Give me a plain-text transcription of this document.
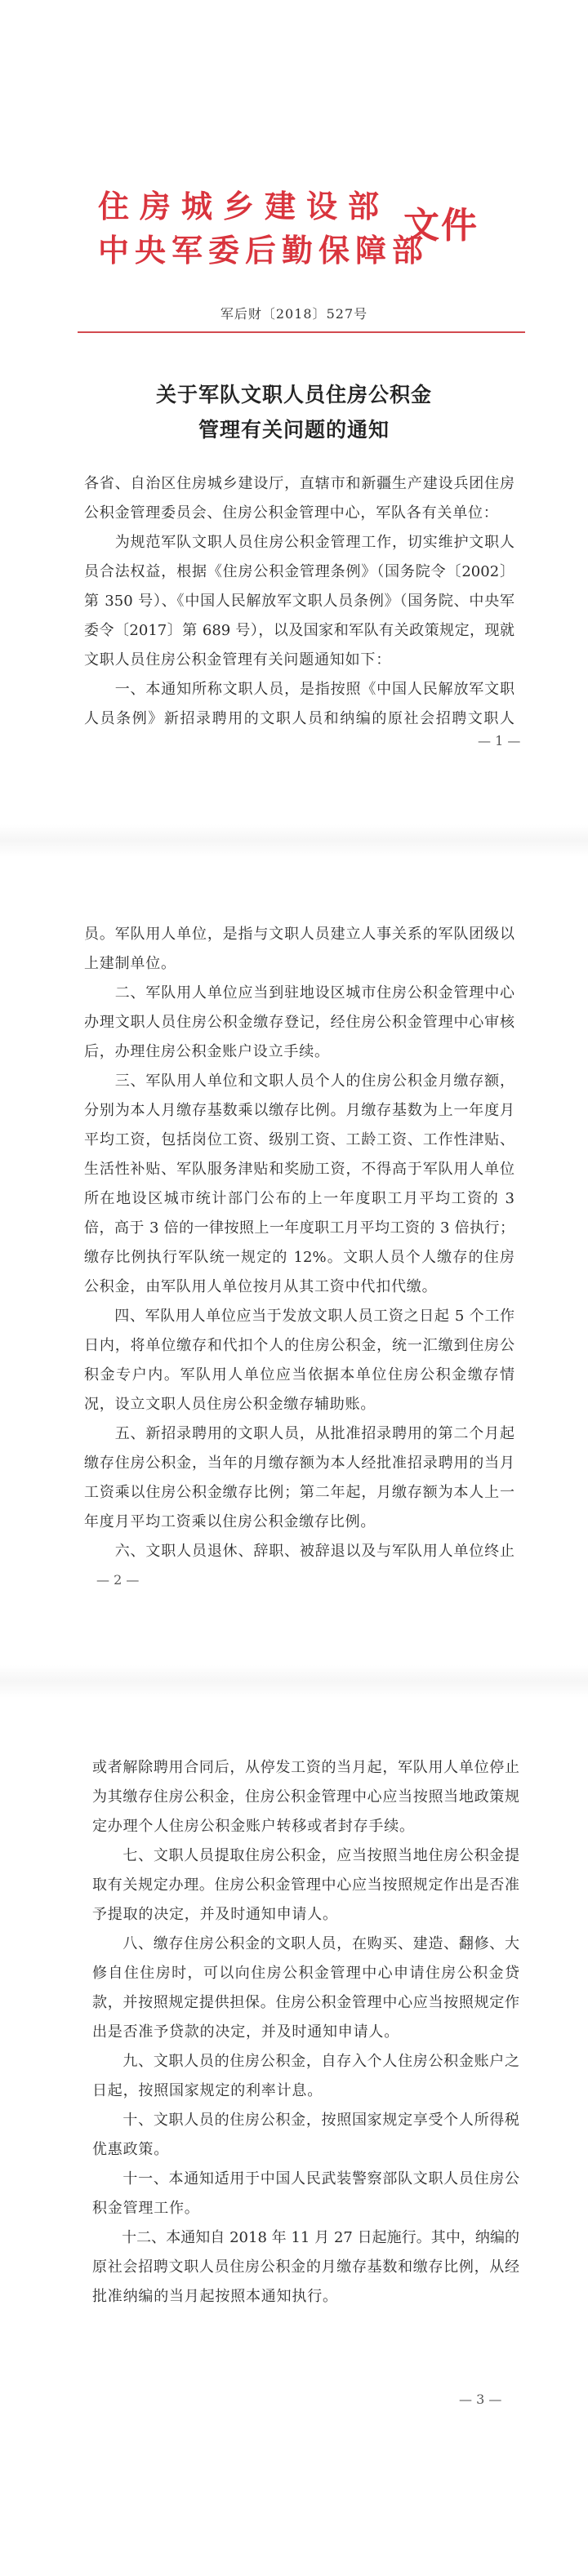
住房城乡建设部
中央军委后勤保障部
文件
军后财〔2018〕527号
关于军队文职人员住房公积金
管理有关问题的通知
各省、自治区住房城乡建设厅，直辖市和新疆生产建设兵团住房
公积金管理委员会、住房公积金管理中心，军队各有关单位：
　　为规范军队文职人员住房公积金管理工作，切实维护文职人
员合法权益，根据《住房公积金管理条例》（国务院令〔2002〕
第 350 号）、《中国人民解放军文职人员条例》（国务院、中央军
委令〔2017〕第 689 号），以及国家和军队有关政策规定，现就
文职人员住房公积金管理有关问题通知如下：
　　一、本通知所称文职人员，是指按照《中国人民解放军文职
人员条例》新招录聘用的文职人员和纳编的原社会招聘文职人
— 1 —
员。军队用人单位，是指与文职人员建立人事关系的军队团级以
上建制单位。
　　二、军队用人单位应当到驻地设区城市住房公积金管理中心
办理文职人员住房公积金缴存登记，经住房公积金管理中心审核
后，办理住房公积金账户设立手续。
　　三、军队用人单位和文职人员个人的住房公积金月缴存额，
分别为本人月缴存基数乘以缴存比例。月缴存基数为上一年度月
平均工资，包括岗位工资、级别工资、工龄工资、工作性津贴、
生活性补贴、军队服务津贴和奖励工资，不得高于军队用人单位
所在地设区城市统计部门公布的上一年度职工月平均工资的 3
倍，高于 3 倍的一律按照上一年度职工月平均工资的 3 倍执行；
缴存比例执行军队统一规定的 12%。文职人员个人缴存的住房
公积金，由军队用人单位按月从其工资中代扣代缴。
　　四、军队用人单位应当于发放文职人员工资之日起 5 个工作
日内，将单位缴存和代扣个人的住房公积金，统一汇缴到住房公
积金专户内。军队用人单位应当依据本单位住房公积金缴存情
况，设立文职人员住房公积金缴存辅助账。
　　五、新招录聘用的文职人员，从批准招录聘用的第二个月起
缴存住房公积金，当年的月缴存额为本人经批准招录聘用的当月
工资乘以住房公积金缴存比例；第二年起，月缴存额为本人上一
年度月平均工资乘以住房公积金缴存比例。
　　六、文职人员退休、辞职、被辞退以及与军队用人单位终止
— 2 —
或者解除聘用合同后，从停发工资的当月起，军队用人单位停止
为其缴存住房公积金，住房公积金管理中心应当按照当地政策规
定办理个人住房公积金账户转移或者封存手续。
　　七、文职人员提取住房公积金，应当按照当地住房公积金提
取有关规定办理。住房公积金管理中心应当按照规定作出是否准
予提取的决定，并及时通知申请人。
　　八、缴存住房公积金的文职人员，在购买、建造、翻修、大
修自住住房时，可以向住房公积金管理中心申请住房公积金贷
款，并按照规定提供担保。住房公积金管理中心应当按照规定作
出是否准予贷款的决定，并及时通知申请人。
　　九、文职人员的住房公积金，自存入个人住房公积金账户之
日起，按照国家规定的利率计息。
　　十、文职人员的住房公积金，按照国家规定享受个人所得税
优惠政策。
　　十一、本通知适用于中国人民武装警察部队文职人员住房公
积金管理工作。
　　十二、本通知自 2018 年 11 月 27 日起施行。其中，纳编的
原社会招聘文职人员住房公积金的月缴存基数和缴存比例，从经
批准纳编的当月起按照本通知执行。
— 3 —
